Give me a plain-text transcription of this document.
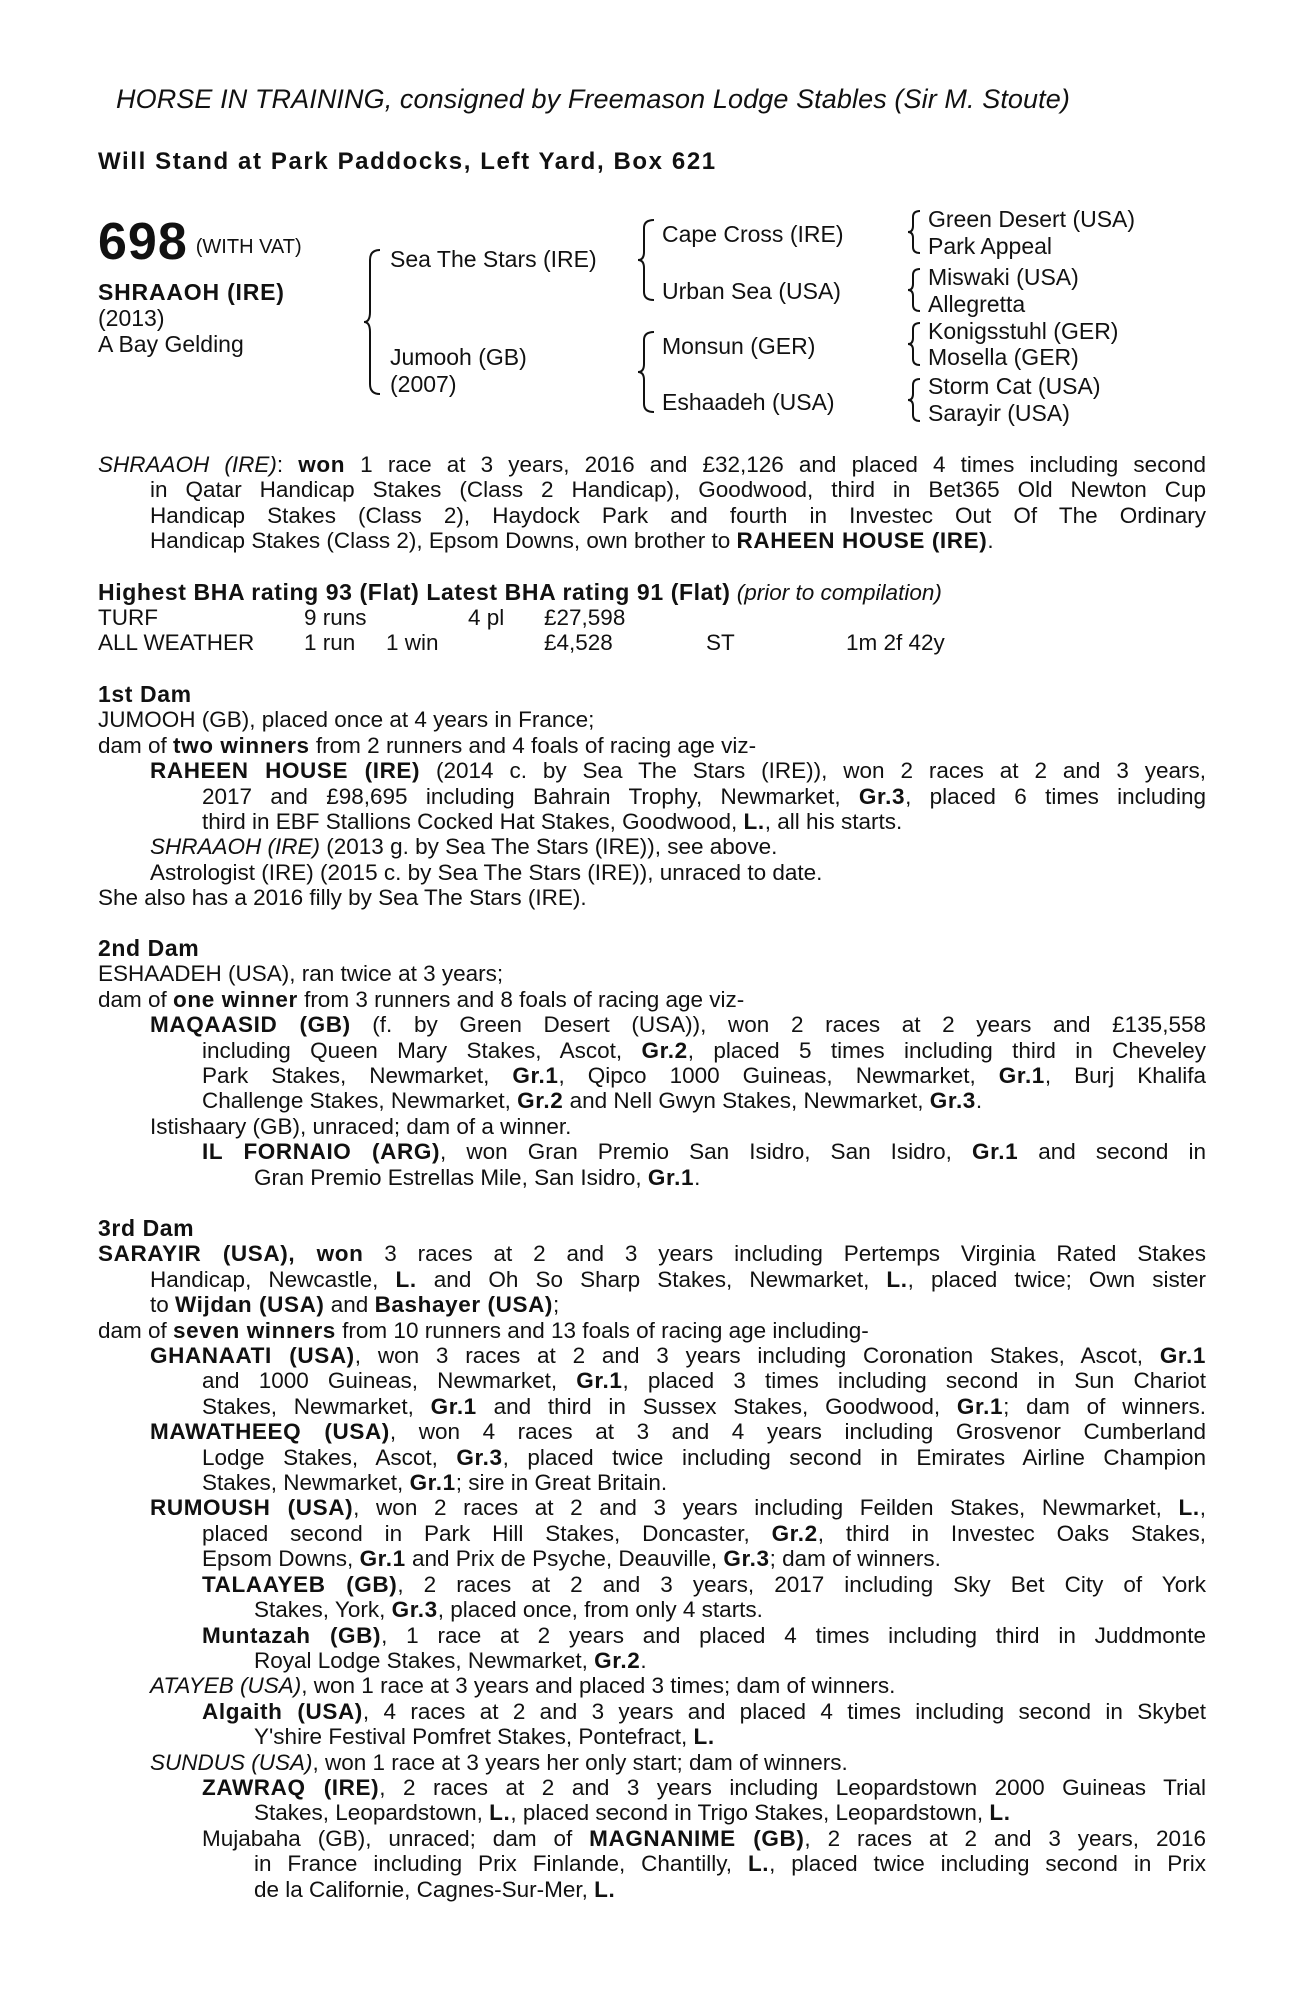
HORSE IN TRAINING, consigned by Freemason Lodge Stables (Sir M. Stoute)
Will Stand at Park Paddocks, Left Yard, Box 621
698 (WITH VAT)
SHRAAOH (IRE)
(2013)
A Bay Gelding
Sea The Stars (IRE)
Jumooh (GB)
(2007)
Cape Cross (IRE)
Urban Sea (USA)
Monsun (GER)
Eshaadeh (USA)
Green Desert (USA)
Park Appeal
Miswaki (USA)
Allegretta
Konigsstuhl (GER)
Mosella (GER)
Storm Cat (USA)
Sarayir (USA)

SHRAAOH (IRE): won 1 race at 3 years, 2016 and £32,126 and placed 4 times including second

in Qatar Handicap Stakes (Class 2 Handicap), Goodwood, third in Bet365 Old Newton Cup

Handicap Stakes (Class 2), Haydock Park and fourth in Investec Out Of The Ordinary

Handicap Stakes (Class 2), Epsom Downs, own brother to RAHEEN HOUSE (IRE).

Highest BHA rating 93 (Flat) Latest BHA rating 91 (Flat) (prior to compilation)

TURF	9 runs	4 pl £27,598
ALL WEATHER 1 run 1 win	£4,528	ST	1m 2f 42y

1st Dam

JUMOOH (GB), placed once at 4 years in France;

dam of two winners from 2 runners and 4 foals of racing age viz-

RAHEEN HOUSE (IRE) (2014 c. by Sea The Stars (IRE)), won 2 races at 2 and 3 years,

2017 and £98,695 including Bahrain Trophy, Newmarket, Gr.3, placed 6 times including

third in EBF Stallions Cocked Hat Stakes, Goodwood, L., all his starts.

SHRAAOH (IRE) (2013 g. by Sea The Stars (IRE)), see above.

Astrologist (IRE) (2015 c. by Sea The Stars (IRE)), unraced to date.

She also has a 2016 filly by Sea The Stars (IRE).

2nd Dam

ESHAADEH (USA), ran twice at 3 years;

dam of one winner from 3 runners and 8 foals of racing age viz-

MAQAASID (GB) (f. by Green Desert (USA)), won 2 races at 2 years and £135,558

including Queen Mary Stakes, Ascot, Gr.2, placed 5 times including third in Cheveley

Park Stakes, Newmarket, Gr.1, Qipco 1000 Guineas, Newmarket, Gr.1, Burj Khalifa

Challenge Stakes, Newmarket, Gr.2 and Nell Gwyn Stakes, Newmarket, Gr.3.

Istishaary (GB), unraced; dam of a winner.

IL FORNAIO (ARG), won Gran Premio San Isidro, San Isidro, Gr.1 and second in

Gran Premio Estrellas Mile, San Isidro, Gr.1.

3rd Dam

SARAYIR (USA), won 3 races at 2 and 3 years including Pertemps Virginia Rated Stakes

Handicap, Newcastle, L. and Oh So Sharp Stakes, Newmarket, L., placed twice; Own sister

to Wijdan (USA) and Bashayer (USA);

dam of seven winners from 10 runners and 13 foals of racing age including-

GHANAATI (USA), won 3 races at 2 and 3 years including Coronation Stakes, Ascot, Gr.1

and 1000 Guineas, Newmarket, Gr.1, placed 3 times including second in Sun Chariot

Stakes, Newmarket, Gr.1 and third in Sussex Stakes, Goodwood, Gr.1; dam of winners.

MAWATHEEQ (USA), won 4 races at 3 and 4 years including Grosvenor Cumberland

Lodge Stakes, Ascot, Gr.3, placed twice including second in Emirates Airline Champion

Stakes, Newmarket, Gr.1; sire in Great Britain.

RUMOUSH (USA), won 2 races at 2 and 3 years including Feilden Stakes, Newmarket, L.,

placed second in Park Hill Stakes, Doncaster, Gr.2, third in Investec Oaks Stakes,

Epsom Downs, Gr.1 and Prix de Psyche, Deauville, Gr.3; dam of winners.

TALAAYEB (GB), 2 races at 2 and 3 years, 2017 including Sky Bet City of York

Stakes, York, Gr.3, placed once, from only 4 starts.

Muntazah (GB), 1 race at 2 years and placed 4 times including third in Juddmonte

Royal Lodge Stakes, Newmarket, Gr.2.

ATAYEB (USA), won 1 race at 3 years and placed 3 times; dam of winners.

Algaith (USA), 4 races at 2 and 3 years and placed 4 times including second in Skybet

Y'shire Festival Pomfret Stakes, Pontefract, L.

SUNDUS (USA), won 1 race at 3 years her only start; dam of winners.

ZAWRAQ (IRE), 2 races at 2 and 3 years including Leopardstown 2000 Guineas Trial

Stakes, Leopardstown, L., placed second in Trigo Stakes, Leopardstown, L.

Mujabaha (GB), unraced; dam of MAGNANIME (GB), 2 races at 2 and 3 years, 2016

in France including Prix Finlande, Chantilly, L., placed twice including second in Prix

de la Californie, Cagnes-Sur-Mer, L.
